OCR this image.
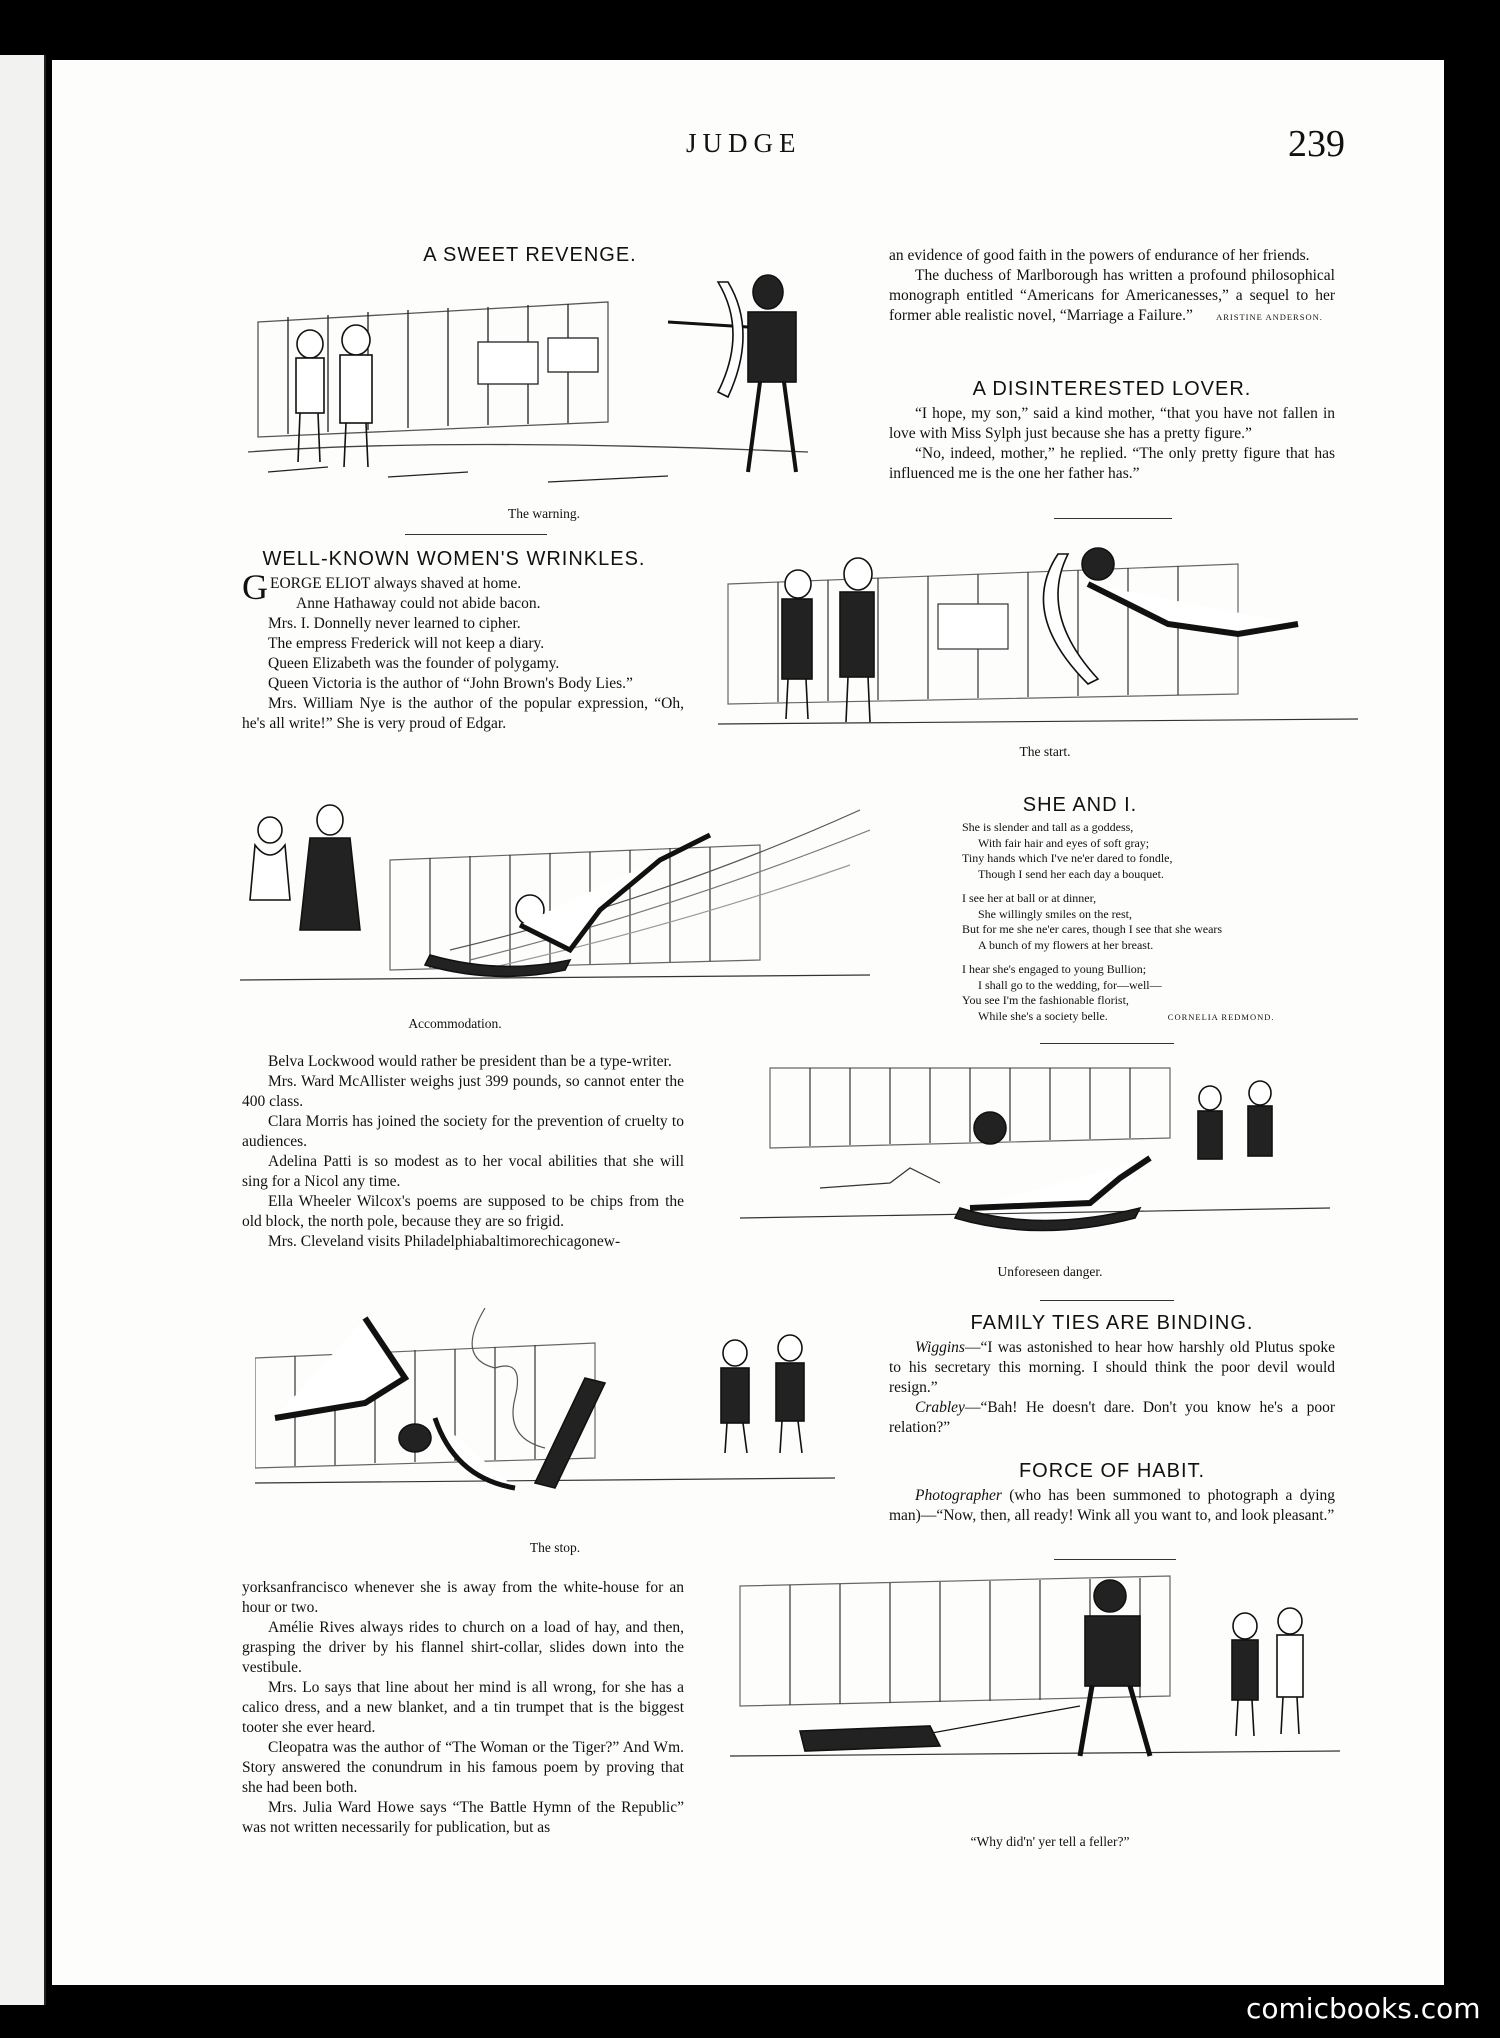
JUDGE	239
A SWEET REVENGE.
The warning.
WELL-KNOWN WOMEN'S WRINKLES.

GEORGE ELIOT always shaved at home.

Anne Hathaway could not abide bacon.

Mrs. I. Donnelly never learned to cipher.

The empress Frederick will not keep a diary.

Queen Elizabeth was the founder of polygamy.

Queen Victoria is the author of “John Brown's Body Lies.”

Mrs. William Nye is the author of the popular expression, “Oh, he's all write!” She is very proud of Edgar.

Accommodation.

Belva Lockwood would rather be president than be a type-writer.

Mrs. Ward McAllister weighs just 399 pounds, so cannot enter the 400 class.

Clara Morris has joined the society for the prevention of cruelty to audiences.

Adelina Patti is so modest as to her vocal abilities that she will sing for a Nicol any time.

Ella Wheeler Wilcox's poems are supposed to be chips from the old block, the north pole, because they are so frigid.

Mrs. Cleveland visits Philadelphiabaltimorechicagonew-

The stop.

yorksanfrancisco whenever she is away from the white-house for an hour or two.

Amélie Rives always rides to church on a load of hay, and then, grasping the driver by his flannel shirt-collar, slides down into the vestibule.

Mrs. Lo says that line about her mind is all wrong, for she has a calico dress, and a new blanket, and a tin trumpet that is the biggest tooter she ever heard.

Cleopatra was the author of “The Woman or the Tiger?” And Wm. Story answered the conundrum in his famous poem by proving that she had been both.

Mrs. Julia Ward Howe says “The Battle Hymn of the Republic” was not written necessarily for publication, but as

an evidence of good faith in the powers of endurance of her friends.

The duchess of Marlborough has written a profound philosophical monograph entitled “Americans for Americanesses,” a sequel to her former able realistic novel, “Marriage a Failure.”	ARISTINE ANDERSON.

A DISINTERESTED LOVER.

“I hope, my son,” said a kind mother, “that you have not fallen in love with Miss Sylph just because she has a pretty figure.”

“No, indeed, mother,” he replied. “The only pretty figure that has influenced me is the one her father has.”

The start.
SHE AND I.
She is slender and tall as a goddess,
With fair hair and eyes of soft gray;
Tiny hands which I've ne'er dared to fondle,
Though I send her each day a bouquet.
I see her at ball or at dinner,
She willingly smiles on the rest,
But for me she ne'er cares, though I see that she wears
A bunch of my flowers at her breast.
I hear she's engaged to young Bullion;
I shall go to the wedding, for—well—
You see I'm the fashionable florist,
While she's a society belle.	CORNELIA REDMOND.
Unforeseen danger.
FAMILY TIES ARE BINDING.

Wiggins—“I was astonished to hear how harshly old Plutus spoke to his secretary this morning. I should think the poor devil would resign.”

Crabley—“Bah! He doesn't dare. Don't you know he's a poor relation?”

FORCE OF HABIT.

Photographer (who has been summoned to photograph a dying man)—“Now, then, all ready! Wink all you want to, and look pleasant.”

“Why did'n' yer tell a feller?”
comicbooks.com
